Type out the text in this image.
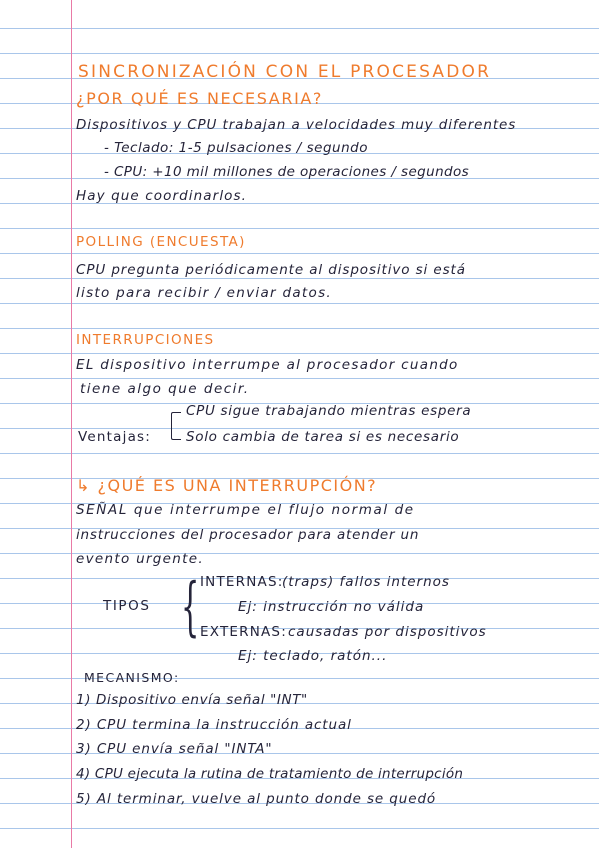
SINCRONIZACIÓN CON EL PROCESADOR
¿POR QUÉ ES NECESARIA?
Dispositivos y CPU trabajan a velocidades muy diferentes
- Teclado: 1-5 pulsaciones / segundo
- CPU: +10 mil millones de operaciones / segundos
Hay que coordinarlos.
POLLING (ENCUESTA)
CPU pregunta periódicamente al dispositivo si está
listo para recibir / enviar datos.
INTERRUPCIONES
EL dispositivo interrumpe al procesador cuando
tiene algo que decir.
CPU sigue trabajando mientras espera
Ventajas:	Solo cambia de tarea si es necesario
↳ ¿QUÉ ES UNA INTERRUPCIÓN?
SEÑAL que interrumpe el flujo normal de
instrucciones del procesador para atender un
evento urgente.
TIPOS { INTERNAS:
(traps) fallos internos
Ej: instrucción no válida
EXTERNAS: causadas por dispositivos
Ej: teclado, ratón...
MECANISMO:
1) Dispositivo envía señal "INT"
2) CPU termina la instrucción actual
3) CPU envía señal "INTA"
4) CPU ejecuta la rutina de tratamiento de interrupción
5) Al terminar, vuelve al punto donde se quedó
